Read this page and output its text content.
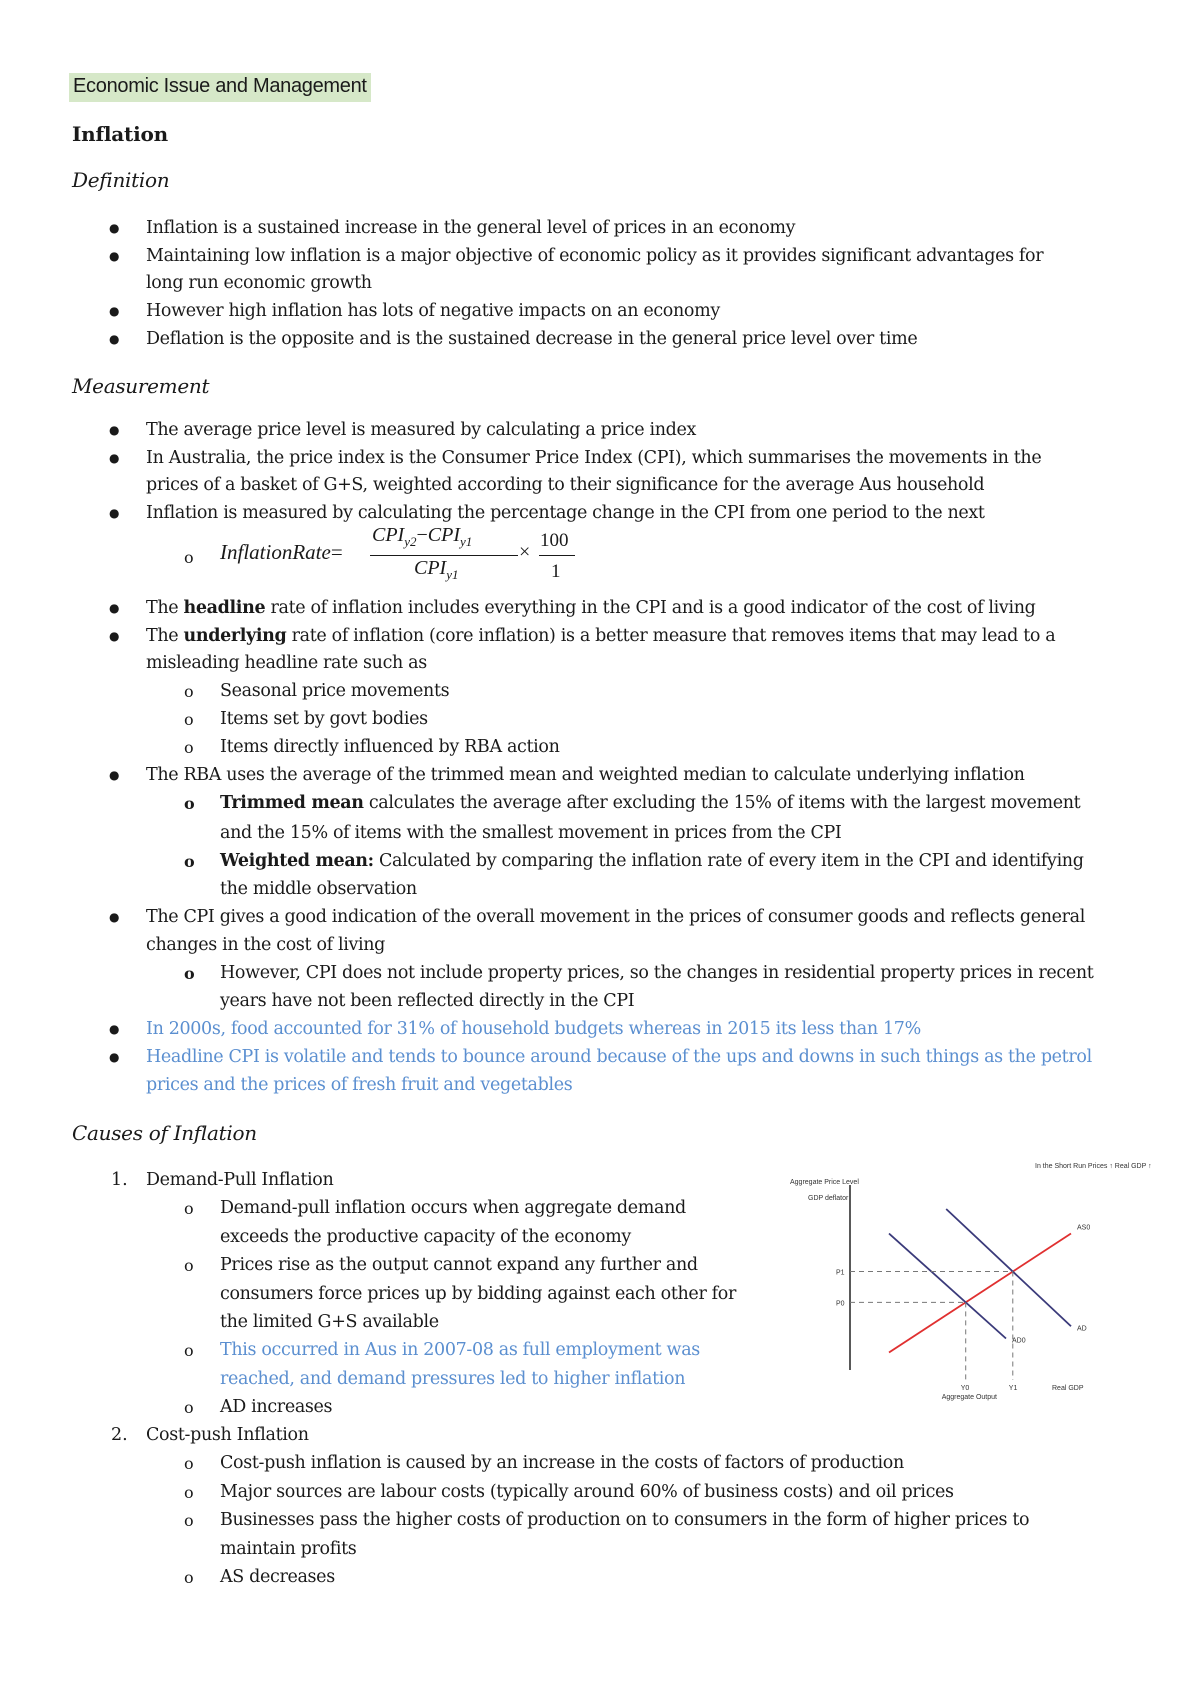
Economic Issue and Management
Inflation
Definition
● Inflation is a sustained increase in the general level of prices in an economy
● Maintaining low inflation is a major objective of economic policy as it provides significant advantages for
long run economic growth
● However high inflation has lots of negative impacts on an economy
● Deflation is the opposite and is the sustained decrease in the general price level over time
Measurement
● The average price level is measured by calculating a price index
● In Australia, the price index is the Consumer Price Index (CPI), which summarises the movements in the
prices of a basket of G+S, weighted according to their significance for the average Aus household
● Inflation is measured by calculating the percentage change in the CPI from one period to the next
o InflationRate=
$CPI_{y2}-CPI_{y1}$
$CPI_{y1}$
×
100
1
● The headline rate of inflation includes everything in the CPI and is a good indicator of the cost of living
● The underlying rate of inflation (core inflation) is a better measure that removes items that may lead to a
misleading headline rate such as
o Seasonal price movements
o Items set by govt bodies
o Items directly influenced by RBA action
● The RBA uses the average of the trimmed mean and weighted median to calculate underlying inflation
o Trimmed mean calculates the average after excluding the 15% of items with the largest movement
and the 15% of items with the smallest movement in prices from the CPI
o Weighted mean: Calculated by comparing the inflation rate of every item in the CPI and identifying
the middle observation
● The CPI gives a good indication of the overall movement in the prices of consumer goods and reflects general
changes in the cost of living
o However, CPI does not include property prices, so the changes in residential property prices in recent
years have not been reflected directly in the CPI
● In 2000s, food accounted for 31% of household budgets whereas in 2015 its less than 17%
● Headline CPI is volatile and tends to bounce around because of the ups and downs in such things as the petrol
prices and the prices of fresh fruit and vegetables
Causes of Inflation
1. Demand-Pull Inflation
o Demand-pull inflation occurs when aggregate demand
exceeds the productive capacity of the economy
o Prices rise as the output cannot expand any further and
consumers force prices up by bidding against each other for
the limited G+S available
o This occurred in Aus in 2007-08 as full employment was
reached, and demand pressures led to higher inflation
o AD increases
2. Cost-push Inflation
o Cost-push inflation is caused by an increase in the costs of factors of production
o Major sources are labour costs (typically around 60% of business costs) and oil prices
o Businesses pass the higher costs of production on to consumers in the form of higher prices to
maintain profits
o AS decreases
AS0
AD0
AD
P1
P0
Y0	Y1
Aggregate Price Level
GDP deflator
Aggregate Output
Real GDP
In the Short Run Prices ↑ Real GDP ↑
